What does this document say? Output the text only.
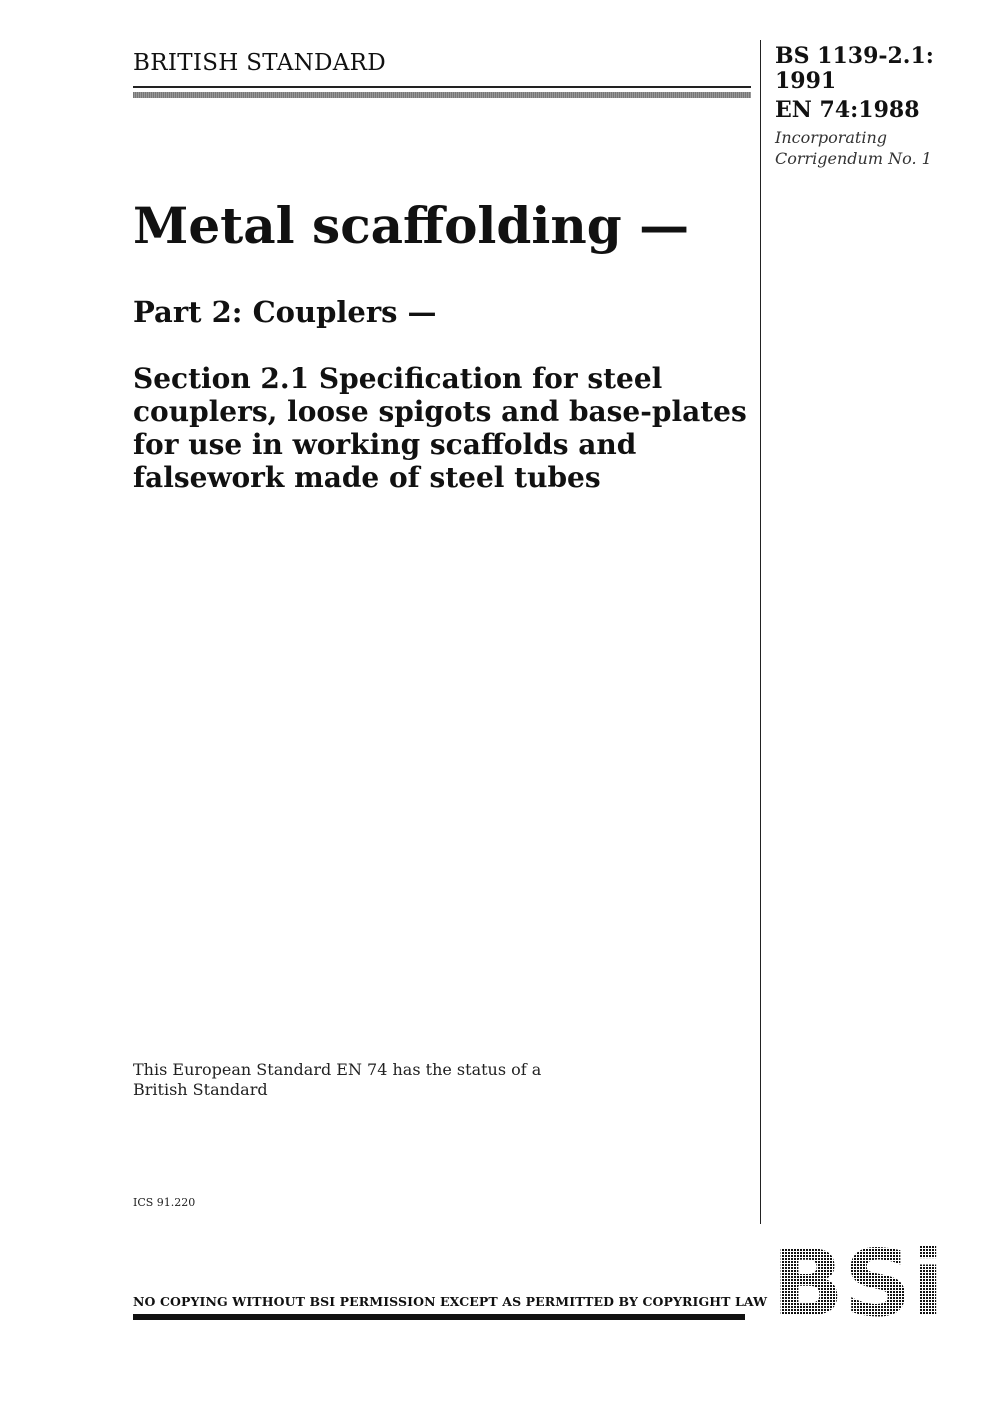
BRITISH STANDARD	BS 1139-2.1:
1991
EN 74:1988
Incorporating
Corrigendum No. 1
Metal scaffolding —
Part 2: Couplers —
Section 2.1 Specification for steel couplers, loose spigots and base-plates for use in working scaffolds and falsework made of steel tubes
This European Standard EN 74 has the status of a
British Standard
ICS 91.220
NO COPYING WITHOUT BSI PERMISSION EXCEPT AS PERMITTED BY COPYRIGHT LAW BSi
